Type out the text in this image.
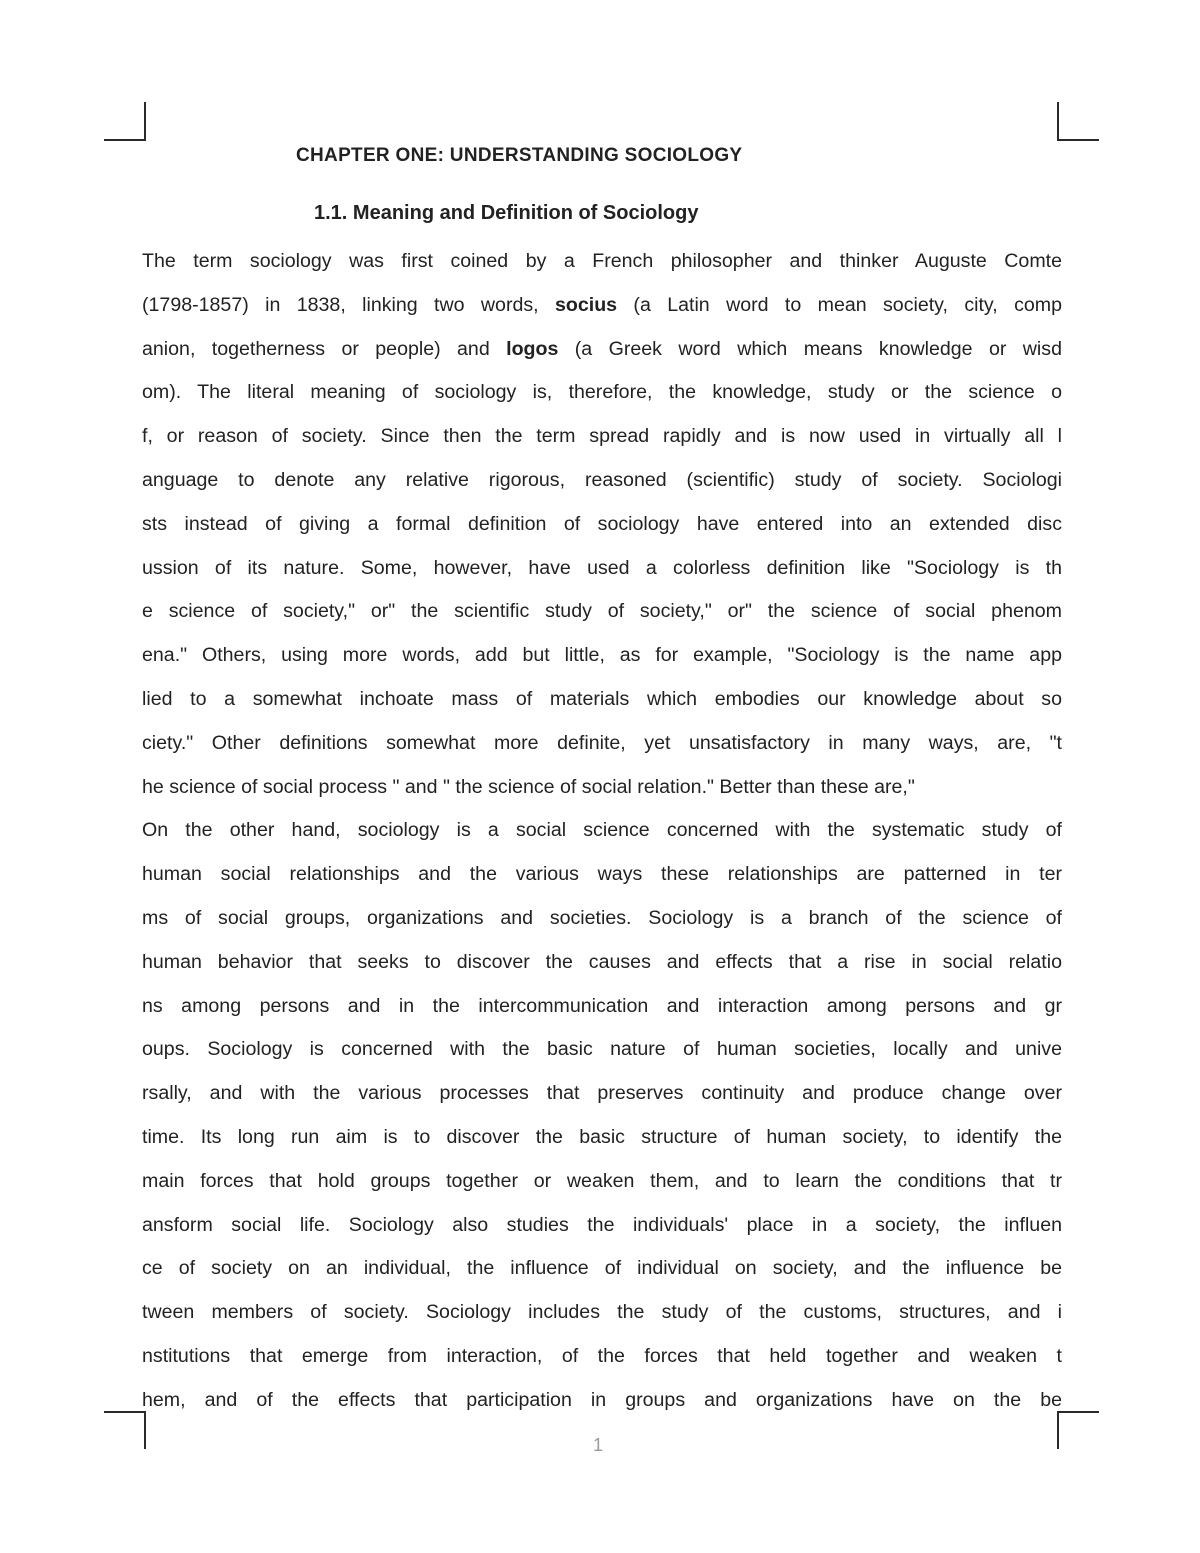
CHAPTER ONE: UNDERSTANDING SOCIOLOGY
1.1. Meaning and Definition of Sociology
The term sociology was first coined by a French philosopher and thinker Auguste Comte
(1798-1857) in 1838, linking two words, socius (a Latin word to mean society, city, comp
anion, togetherness or people) and logos (a Greek word which means knowledge or wisd
om). The literal meaning of sociology is, therefore, the knowledge, study or the science o
f, or reason of society. Since then the term spread rapidly and is now used in virtually all l
anguage to denote any relative rigorous, reasoned (scientific) study of society. Sociologi
sts instead of giving a formal definition of sociology have entered into an extended disc
ussion of its nature. Some, however, have used a colorless definition like "Sociology is th
e science of society," or" the scientific study of society," or" the science of social phenom
ena." Others, using more words, add but little, as for example, "Sociology is the name app
lied to a somewhat inchoate mass of materials which embodies our knowledge about so
ciety." Other definitions somewhat more definite, yet unsatisfactory in many ways, are, "t
he science of social process " and " the science of social relation." Better than these are,"
On the other hand, sociology is a social science concerned with the systematic study of
human social relationships and the various ways these relationships are patterned in ter
ms of social groups, organizations and societies. Sociology is a branch of the science of
human behavior that seeks to discover the causes and effects that a rise in social relatio
ns among persons and in the intercommunication and interaction among persons and gr
oups. Sociology is concerned with the basic nature of human societies, locally and unive
rsally, and with the various processes that preserves continuity and produce change over
time. Its long run aim is to discover the basic structure of human society, to identify the
main forces that hold groups together or weaken them, and to learn the conditions that tr
ansform social life. Sociology also studies the individuals' place in a society, the influen
ce of society on an individual, the influence of individual on society, and the influence be
tween members of society. Sociology includes the study of the customs, structures, and i
nstitutions that emerge from interaction, of the forces that held together and weaken t
hem, and of the effects that participation in groups and organizations have on the be
1
